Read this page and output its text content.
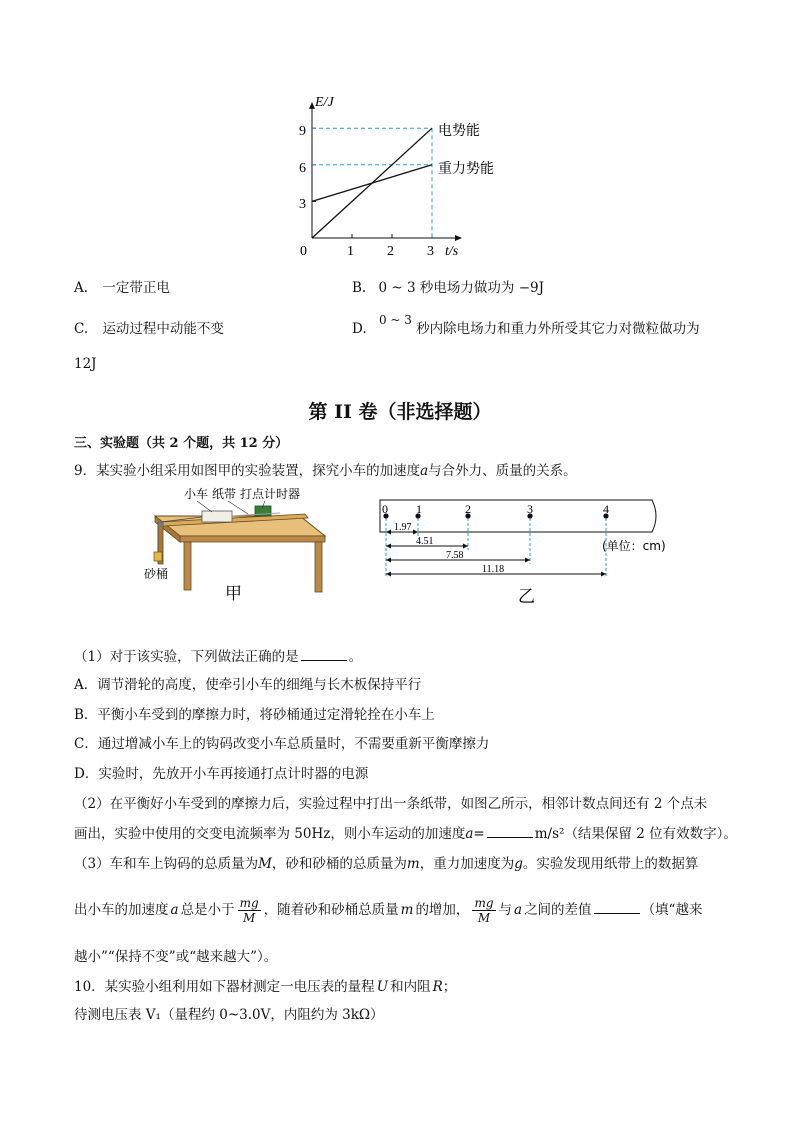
E/J
t/s
0
9
6
3
1 2 3
电势能
重力势能
A. 一定带正电	B. 0 ~ 3 秒电场力做功为 −9J
C. 运动过程中动能不变	D. 0 ~ 3 秒内除电场力和重力外所受其它力对微粒做功为
12J
第 II 卷（非选择题）
三、实验题（共 2 个题，共 12 分）
9．某实验小组采用如图甲的实验装置，探究小车的加速度a与合外力、质量的关系。
小车 纸带 打点计时器
砂桶
甲
0 1	2	3	4
1.97
4.51
7.58
11.18
(单位：cm)
乙
（1）对于该实验，下列做法正确的是	。
A．调节滑轮的高度，使牵引小车的细绳与长木板保持平行
B．平衡小车受到的摩擦力时，将砂桶通过定滑轮拴在小车上
C．通过增减小车上的钩码改变小车总质量时，不需要重新平衡摩擦力
D．实验时，先放开小车再接通打点计时器的电源
（2）在平衡好小车受到的摩擦力后，实验过程中打出一条纸带，如图乙所示，相邻计数点间还有 2 个点未
画出，实验中使用的交变电流频率为 50Hz，则小车运动的加速度a=	m/s²（结果保留 2 位有效数字）。
（3）车和车上钩码的总质量为M，砂和砂桶的总质量为m，重力加速度为g。实验发现用纸带上的数据算
出小车的加速度 a 总是小于 $\frac{mg}{M}$ ，随着砂和砂桶总质量 m 的增加， $\frac{mg}{M}$ 与 a 之间的差值	（填“越来
越小”“保持不变”或“越来越大”）。
10．某实验小组利用如下器材测定一电压表的量程 U 和内阻 R；
待测电压表 V₁（量程约 0~3.0V，内阻约为 3kΩ）
